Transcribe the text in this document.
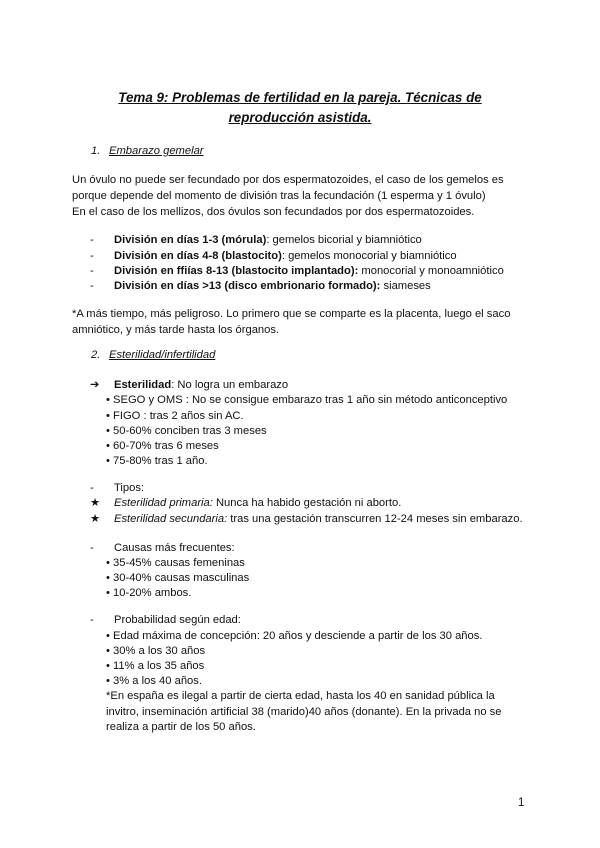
Tema 9: Problemas de fertilidad en la pareja. Técnicas de
reproducción asistida.
1. Embarazo gemelar
Un óvulo no puede ser fecundado por dos espermatozoides, el caso de los gemelos es
porque depende del momento de división tras la fecundación (1 esperma y 1 óvulo)
En el caso de los mellizos, dos óvulos son fecundados por dos espermatozoides.
- División en días 1-3 (mórula): gemelos bicorial y biamniótico
- División en días 4-8 (blastocito): gemelos monocorial y biamniótico
- División en ffiías 8-13 (blastocito implantado): monocorial y monoamniótico
- División en días >13 (disco embrionario formado): siameses
*A más tiempo, más peligroso. Lo primero que se comparte es la placenta, luego el saco
amniótico, y más tarde hasta los órganos.
2. Esterilidad/infertilidad
➔ Esterilidad: No logra un embarazo
• SEGO y OMS : No se consigue embarazo tras 1 año sin método anticonceptivo
• FIGO : tras 2 años sin AC.
• 50-60% conciben tras 3 meses
• 60-70% tras 6 meses
• 75-80% tras 1 año.
- Tipos:
★ Esterilidad primaria: Nunca ha habido gestación ni aborto.
★ Esterilidad secundaria: tras una gestación transcurren 12-24 meses sin embarazo.
- Causas más frecuentes:
• 35-45% causas femeninas
• 30-40% causas masculinas
• 10-20% ambos.
- Probabilidad según edad:
• Edad máxima de concepción: 20 años y desciende a partir de los 30 años.
• 30% a los 30 años
• 11% a los 35 años
• 3% a los 40 años.
*En españa es ilegal a partir de cierta edad, hasta los 40 en sanidad pública la
invitro, inseminación artificial 38 (marido)40 años (donante). En la privada no se
realiza a partir de los 50 años.
1
